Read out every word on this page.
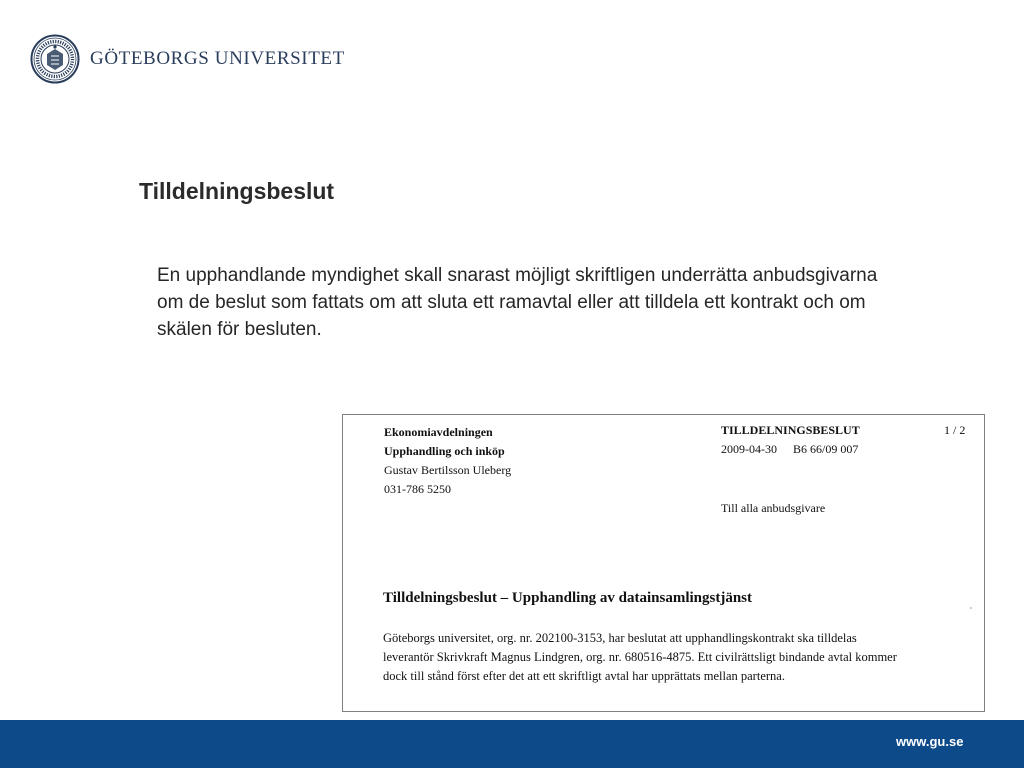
GÖTEBORGS UNIVERSITET
Tilldelningsbeslut

En upphandlande myndighet skall snarast möjligt skriftligen underrätta anbudsgivarna om de beslut som fattats om att sluta ett ramavtal eller att tilldela ett kontrakt och om skälen för besluten.

Ekonomiavdelningen
Upphandling och inköp
Gustav Bertilsson Uleberg
031-786 5250
TILLDELNINGSBESLUT	1 / 2
2009-04-30 B6 66/09 007
Till alla anbudsgivare
Tilldelningsbeslut – Upphandling av datainsamlingstjänst
Göteborgs universitet, org. nr. 202100-3153, har beslutat att upphandlingskontrakt ska tilldelas leverantör Skrivkraft Magnus Lindgren, org. nr. 680516-4875. Ett civilrättsligt bindande avtal kommer dock till stånd först efter det att ett skriftligt avtal har upprättats mellan parterna.
www.gu.se
